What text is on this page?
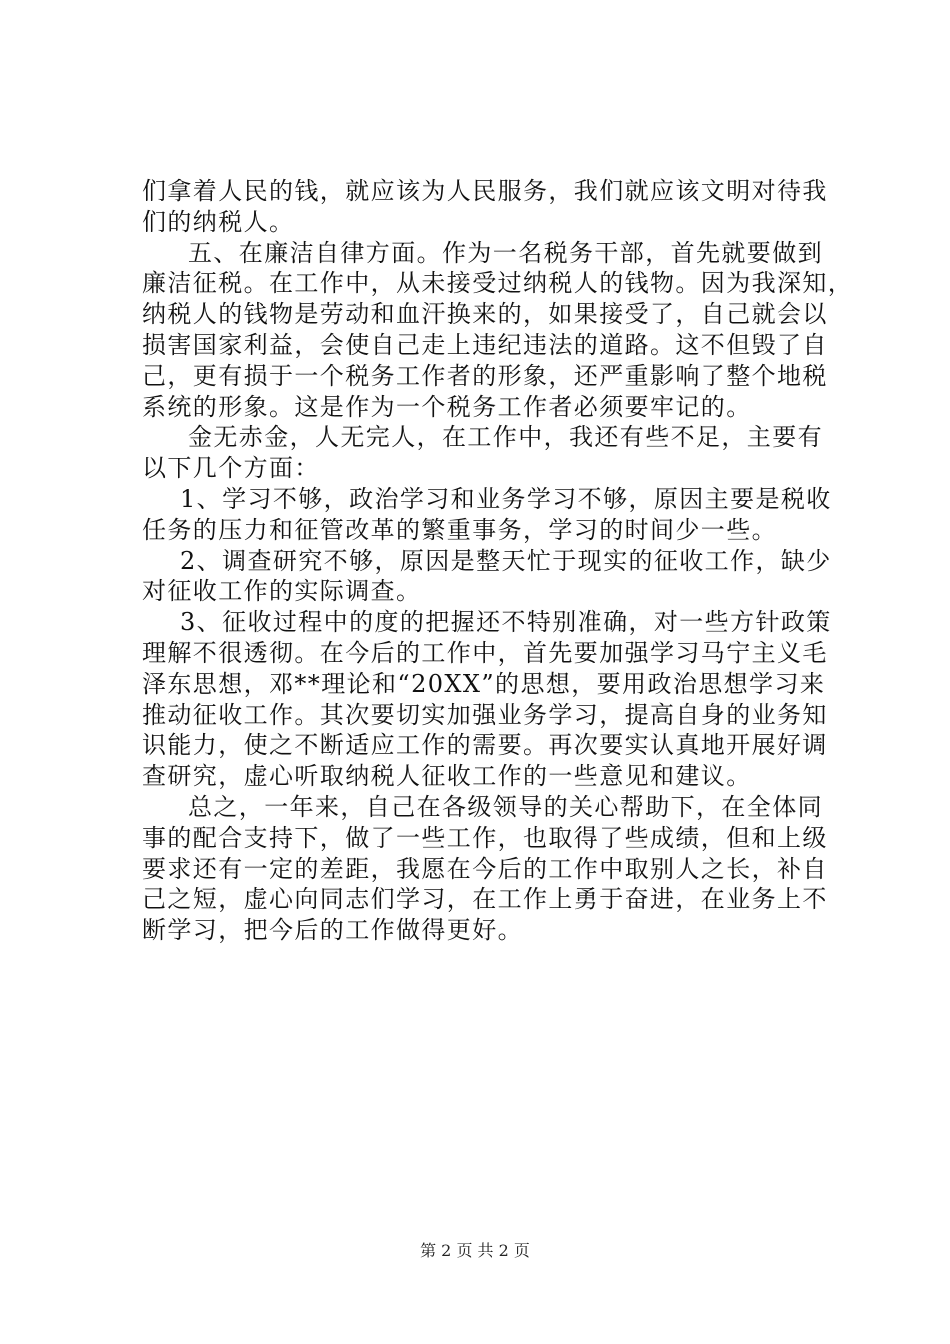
们拿着人民的钱，就应该为人民服务，我们就应该文明对待我
们的纳税人。
五、在廉洁自律方面。作为一名税务干部，首先就要做到
廉洁征税。在工作中，从未接受过纳税人的钱物。因为我深知，
纳税人的钱物是劳动和血汗换来的，如果接受了，自己就会以
损害国家利益，会使自己走上违纪违法的道路。这不但毁了自
己，更有损于一个税务工作者的形象，还严重影响了整个地税
系统的形象。这是作为一个税务工作者必须要牢记的。
金无赤金，人无完人，在工作中，我还有些不足，主要有
以下几个方面：
1、学习不够，政治学习和业务学习不够，原因主要是税收
任务的压力和征管改革的繁重事务，学习的时间少一些。
2、调查研究不够，原因是整天忙于现实的征收工作，缺少
对征收工作的实际调查。
3、征收过程中的度的把握还不特别准确，对一些方针政策
理解不很透彻。在今后的工作中，首先要加强学习马宁主义毛
泽东思想，邓**理论和“20XX”的思想，要用政治思想学习来
推动征收工作。其次要切实加强业务学习，提高自身的业务知
识能力，使之不断适应工作的需要。再次要实认真地开展好调
查研究，虚心听取纳税人征收工作的一些意见和建议。
总之，一年来，自己在各级领导的关心帮助下，在全体同
事的配合支持下，做了一些工作，也取得了些成绩，但和上级
要求还有一定的差距，我愿在今后的工作中取别人之长，补自
己之短，虚心向同志们学习，在工作上勇于奋进，在业务上不
断学习，把今后的工作做得更好。
第 2 页 共 2 页
